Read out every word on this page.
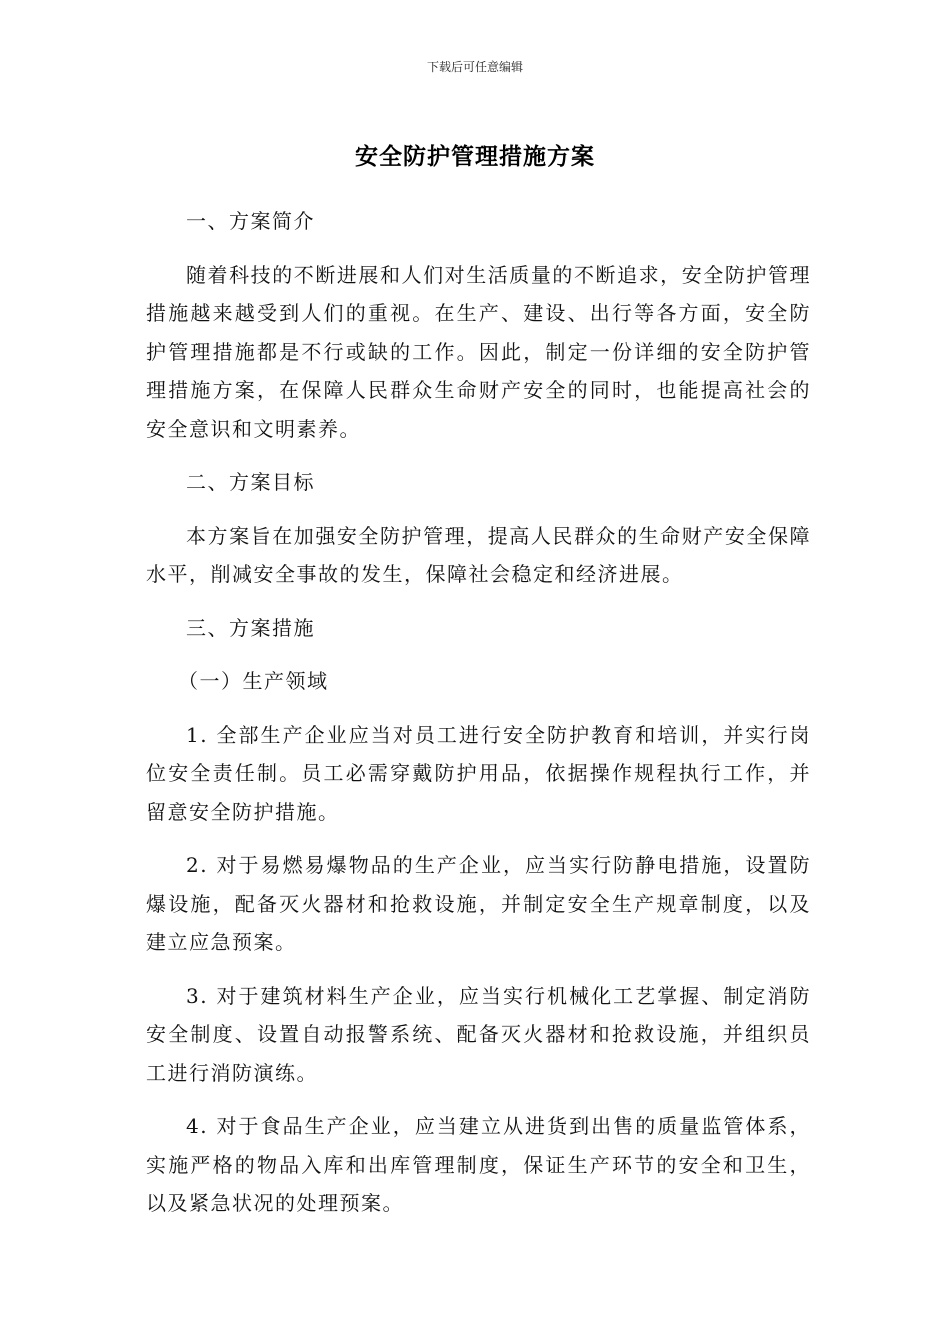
下载后可任意编辑
安全防护管理措施方案

一、方案简介

随着科技的不断进展和人们对生活质量的不断追求，安全防护管理措施越来越受到人们的重视。在生产、建设、出行等各方面，安全防护管理措施都是不行或缺的工作。因此，制定一份详细的安全防护管理措施方案，在保障人民群众生命财产安全的同时，也能提高社会的安全意识和文明素养。

二、方案目标

本方案旨在加强安全防护管理，提高人民群众的生命财产安全保障水平，削减安全事故的发生，保障社会稳定和经济进展。

三、方案措施

（一）生产领域

1. 全部生产企业应当对员工进行安全防护教育和培训，并实行岗位安全责任制。员工必需穿戴防护用品，依据操作规程执行工作，并留意安全防护措施。

2. 对于易燃易爆物品的生产企业，应当实行防静电措施，设置防爆设施，配备灭火器材和抢救设施，并制定安全生产规章制度，以及建立应急预案。

3. 对于建筑材料生产企业，应当实行机械化工艺掌握、制定消防安全制度、设置自动报警系统、配备灭火器材和抢救设施，并组织员工进行消防演练。

4. 对于食品生产企业，应当建立从进货到出售的质量监管体系，实施严格的物品入库和出库管理制度，保证生产环节的安全和卫生，以及紧急状况的处理预案。
